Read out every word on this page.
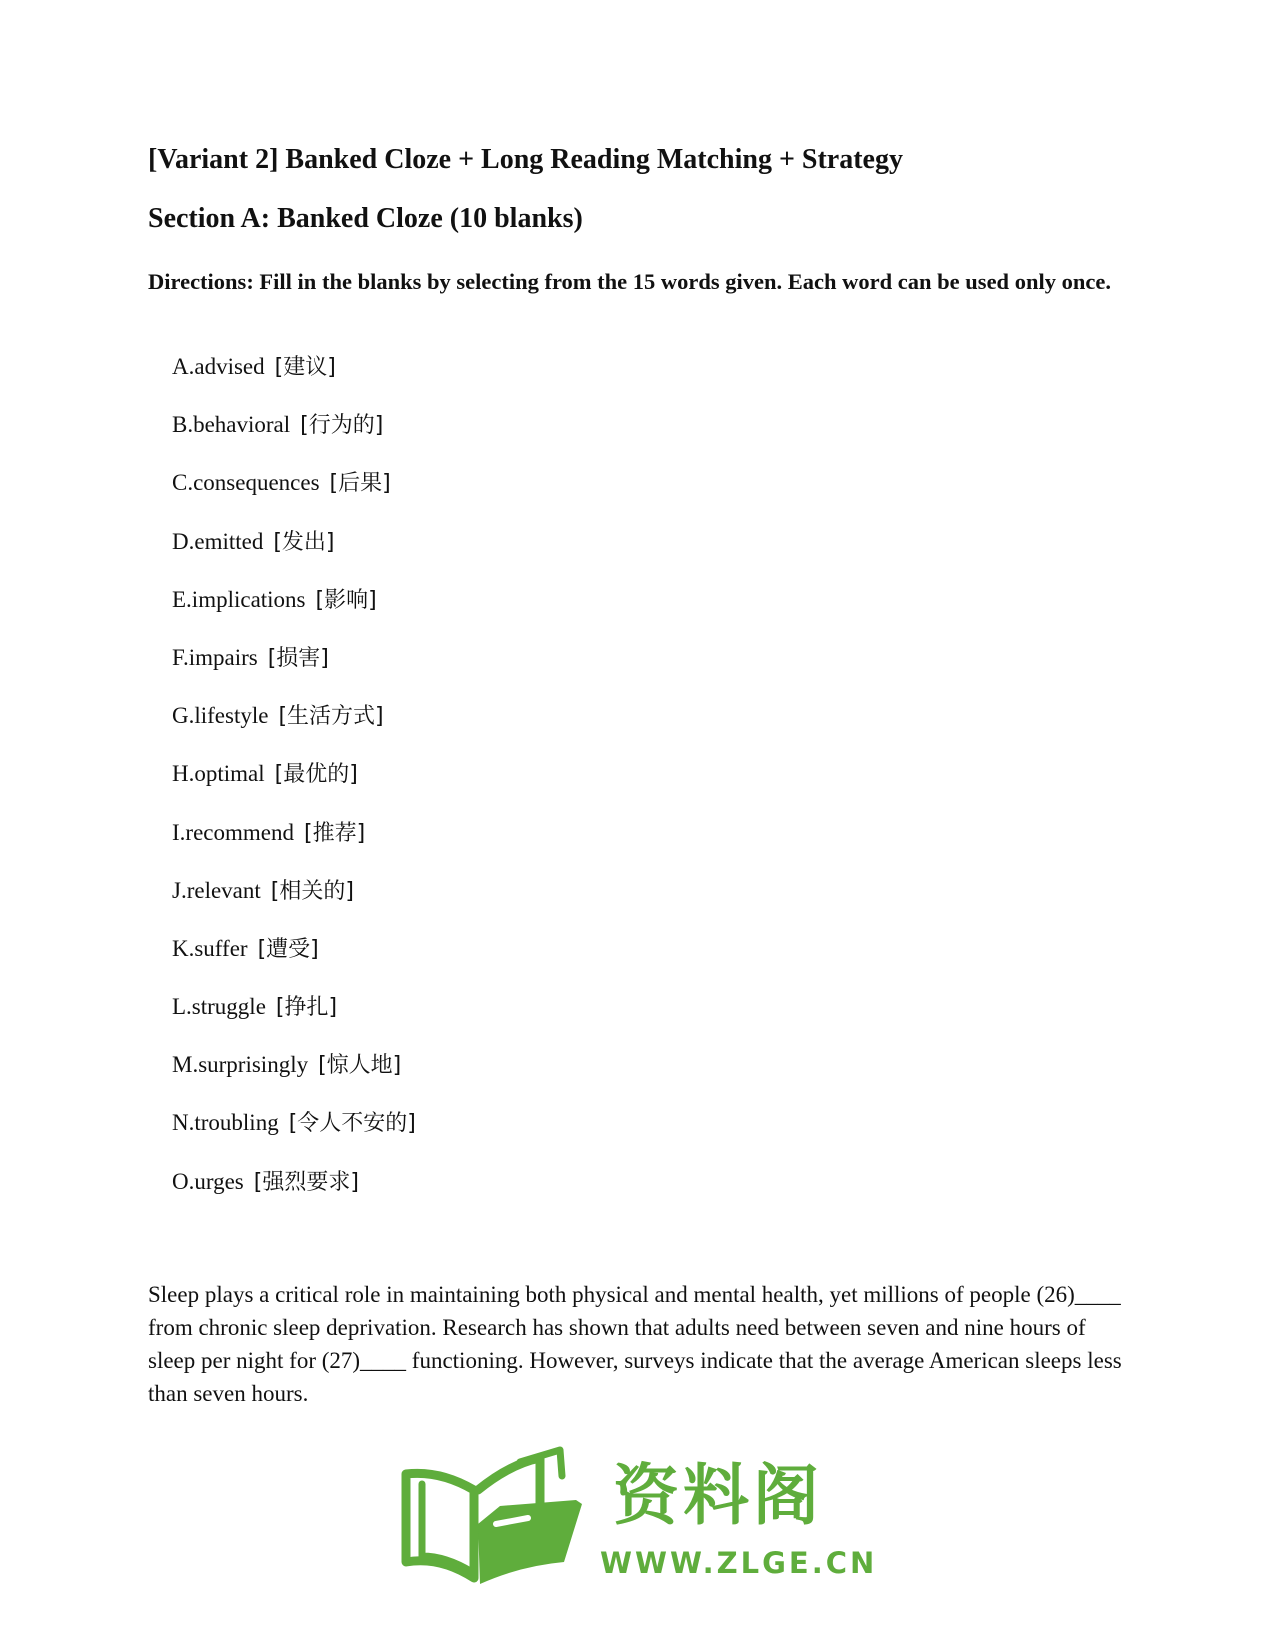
[Variant 2] Banked Cloze + Long Reading Matching + Strategy
Section A: Banked Cloze (10 blanks)
Directions: Fill in the blanks by selecting from the 15 words given. Each word can be used only once.
A.advised [建议]
B.behavioral [行为的]
C.consequences [后果]
D.emitted [发出]
E.implications [影响]
F.impairs [损害]
G.lifestyle [生活方式]
H.optimal [最优的]
I.recommend [推荐]
J.relevant [相关的]
K.suffer [遭受]
L.struggle [挣扎]
M.surprisingly [惊人地]
N.troubling [令人不安的]
O.urges [强烈要求]

Sleep plays a critical role in maintaining both physical and mental health, yet millions of people (26)____ from chronic sleep deprivation. Research has shown that adults need between seven and nine hours of sleep per night for (27)____ functioning. However, surveys indicate that the average American sleeps less than seven hours.

资料阁
WWW.ZLGE.CN
